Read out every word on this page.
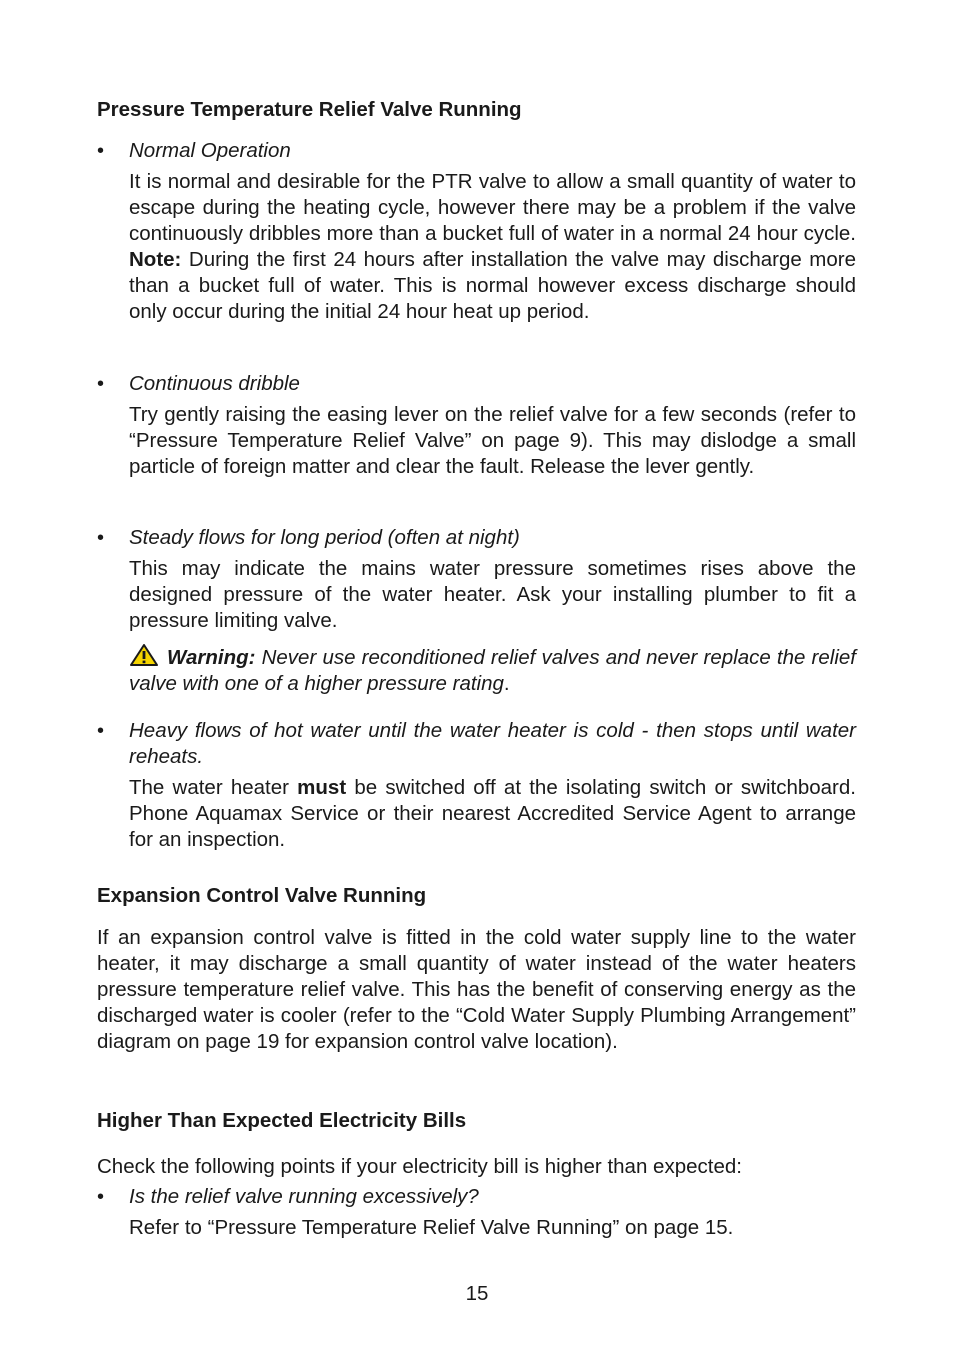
Pressure Temperature Relief Valve Running
• Normal Operation

It is normal and desirable for the PTR valve to allow a small quantity of water to escape during the heating cycle, however there may be a problem if the valve continuously dribbles more than a bucket full of water in a normal 24 hour cycle. Note: During the first 24 hours after installation the valve may discharge more than a bucket full of water. This is normal however excess discharge should only occur during the initial 24 hour heat up period.

• Continuous dribble

Try gently raising the easing lever on the relief valve for a few seconds (refer to “Pressure Temperature Relief Valve” on page 9). This may dislodge a small particle of foreign matter and clear the fault. Release the lever gently.

• Steady flows for long period (often at night)

This may indicate the mains water pressure sometimes rises above the designed pressure of the water heater. Ask your installing plumber to fit a pressure limiting valve.

Warning: Never use reconditioned relief valves and never replace the relief valve with one of a higher pressure rating.

• Heavy flows of hot water until the water heater is cold - then stops until water reheats.

The water heater must be switched off at the isolating switch or switchboard. Phone Aquamax Service or their nearest Accredited Service Agent to arrange for an inspection.

Expansion Control Valve Running

If an expansion control valve is fitted in the cold water supply line to the water heater, it may discharge a small quantity of water instead of the water heaters pressure temperature relief valve. This has the benefit of conserving energy as the discharged water is cooler (refer to the “Cold Water Supply Plumbing Arrangement” diagram on page 19 for expansion control valve location).

Higher Than Expected Electricity Bills

Check the following points if your electricity bill is higher than expected:

• Is the relief valve running excessively?

Refer to “Pressure Temperature Relief Valve Running” on page 15.

15
